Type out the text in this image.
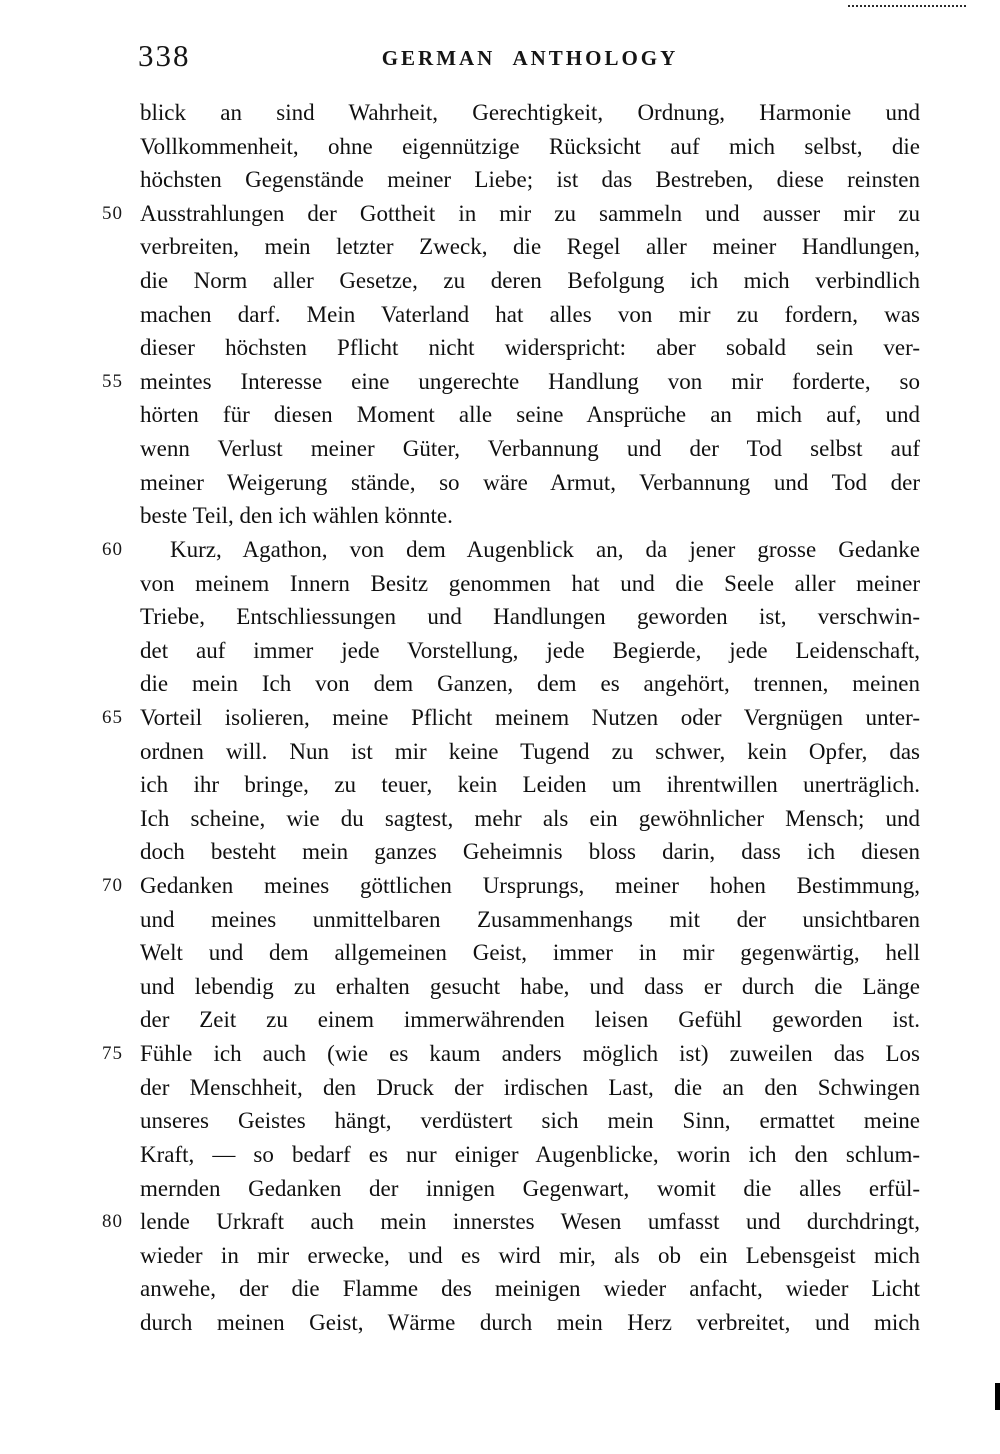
338	GERMAN ANTHOLOGY
blick an sind Wahrheit, Gerechtigkeit, Ordnung, Harmonie und
Vollkommenheit, ohne eigennützige Rücksicht auf mich selbst, die
höchsten Gegenstände meiner Liebe; ist das Bestreben, diese reinsten
50 Ausstrahlungen der Gottheit in mir zu sammeln und ausser mir zu
verbreiten, mein letzter Zweck, die Regel aller meiner Handlungen,
die Norm aller Gesetze, zu deren Befolgung ich mich verbindlich
machen darf. Mein Vaterland hat alles von mir zu fordern, was
dieser höchsten Pflicht nicht widerspricht: aber sobald sein ver-
55 meintes Interesse eine ungerechte Handlung von mir forderte, so
hörten für diesen Moment alle seine Ansprüche an mich auf, und
wenn Verlust meiner Güter, Verbannung und der Tod selbst auf
meiner Weigerung stände, so wäre Armut, Verbannung und Tod der
beste Teil, den ich wählen könnte.
60	Kurz, Agathon, von dem Augenblick an, da jener grosse Gedanke
von meinem Innern Besitz genommen hat und die Seele aller meiner
Triebe, Entschliessungen und Handlungen geworden ist, verschwin-
det auf immer jede Vorstellung, jede Begierde, jede Leidenschaft,
die mein Ich von dem Ganzen, dem es angehört, trennen, meinen
65 Vorteil isolieren, meine Pflicht meinem Nutzen oder Vergnügen unter-
ordnen will. Nun ist mir keine Tugend zu schwer, kein Opfer, das
ich ihr bringe, zu teuer, kein Leiden um ihrentwillen unerträglich.
Ich scheine, wie du sagtest, mehr als ein gewöhnlicher Mensch; und
doch besteht mein ganzes Geheimnis bloss darin, dass ich diesen
70 Gedanken meines göttlichen Ursprungs, meiner hohen Bestimmung,
und meines unmittelbaren Zusammenhangs mit der unsichtbaren
Welt und dem allgemeinen Geist, immer in mir gegenwärtig, hell
und lebendig zu erhalten gesucht habe, und dass er durch die Länge
der Zeit zu einem immerwährenden leisen Gefühl geworden ist.
75 Fühle ich auch (wie es kaum anders möglich ist) zuweilen das Los
der Menschheit, den Druck der irdischen Last, die an den Schwingen
unseres Geistes hängt, verdüstert sich mein Sinn, ermattet meine
Kraft, — so bedarf es nur einiger Augenblicke, worin ich den schlum-
mernden Gedanken der innigen Gegenwart, womit die alles erfül-
80 lende Urkraft auch mein innerstes Wesen umfasst und durchdringt,
wieder in mir erwecke, und es wird mir, als ob ein Lebensgeist mich
anwehe, der die Flamme des meinigen wieder anfacht, wieder Licht
durch meinen Geist, Wärme durch mein Herz verbreitet, und mich
